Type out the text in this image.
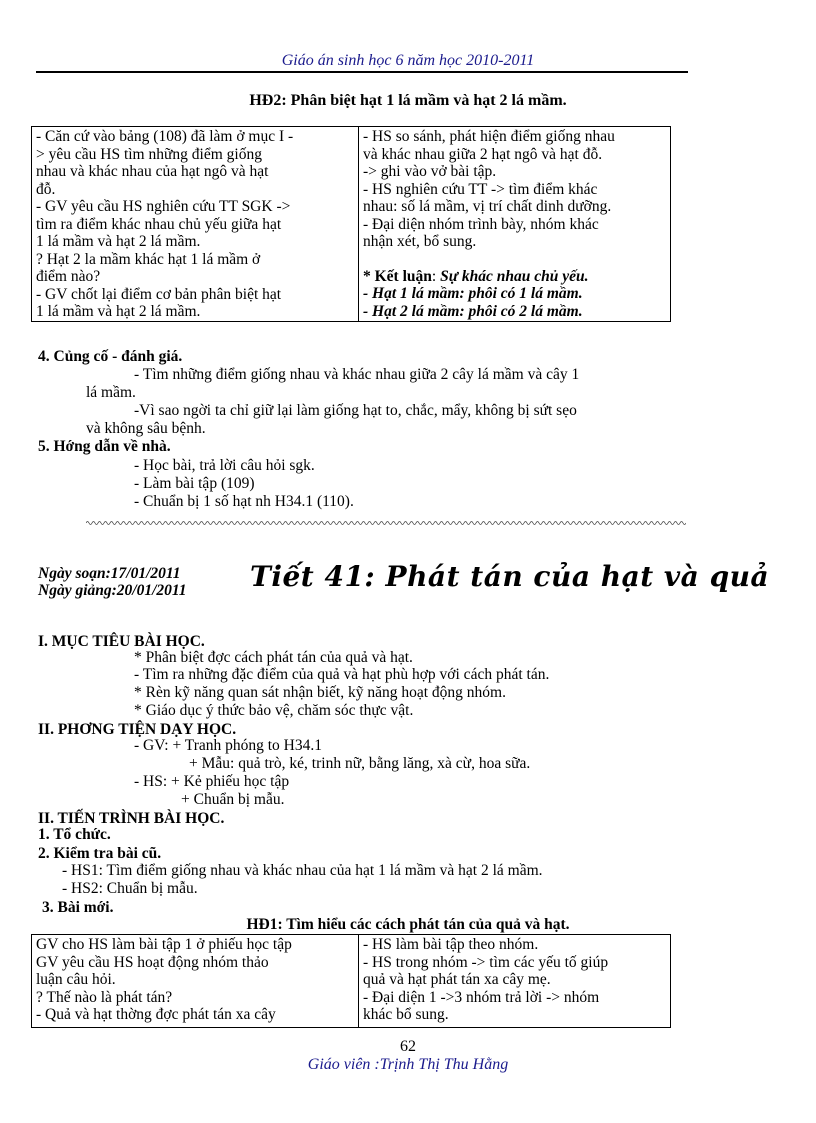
Giáo án sinh học 6 năm học 2010-2011
HĐ2: Phân biệt hạt 1 lá mầm và hạt 2 lá mầm.
- Căn cứ vào bảng (108) đã làm ở mục I -
> yêu cầu HS tìm những điểm giống
nhau và khác nhau của hạt ngô và hạt
đỗ.
- GV yêu cầu HS nghiên cứu TT SGK ->
tìm ra điểm khác nhau chủ yếu giữa hạt
1 lá mầm và hạt 2 lá mầm.
? Hạt 2 la mầm khác hạt 1 lá mầm ở
điểm nào?
- GV chốt lại điểm cơ bản phân biệt hạt
1 lá mầm và hạt 2 lá mầm.

- HS so sánh, phát hiện điểm giống nhau
và khác nhau giữa 2 hạt ngô và hạt đỗ.
-> ghi vào vở bài tập.
- HS nghiên cứu TT -> tìm điểm khác
nhau: số lá mầm, vị trí chất dinh dưỡng.
- Đại diện nhóm trình bày, nhóm khác
nhận xét, bổ sung.
* Kết luận: Sự khác nhau chủ yếu.
- Hạt 1 lá mầm: phôi có 1 lá mầm.
- Hạt 2 lá mầm: phôi có 2 lá mầm.
4. Củng cố - đánh giá.
- Tìm những điểm giống nhau và khác nhau giữa 2 cây lá mầm và cây 1
lá mầm.
-Vì sao ngời ta chỉ giữ lại làm giống hạt to, chắc, mẩy, không bị sứt sẹo
và không sâu bệnh.
5. Hớng dẫn về nhà.
- Học bài, trả lời câu hỏi sgk.
- Làm bài tập (109)
- Chuẩn bị 1 số hạt nh H34.1 (110).
Ngày soạn:17/01/2011
Ngày giảng:20/01/2011 Tiết 41: Phát tán của hạt và quả
I. MỤC TIÊU BÀI HỌC.
* Phân biệt đợc cách phát tán của quả và hạt.
- Tìm ra những đặc điểm của quả và hạt phù hợp với cách phát tán.
* Rèn kỹ năng quan sát nhận biết, kỹ năng hoạt động nhóm.
* Giáo dục ý thức bảo vệ, chăm sóc thực vật.
II. PHƠNG TIỆN DẠY HỌC.
- GV: + Tranh phóng to H34.1
+ Mẫu: quả trò, ké, trinh nữ, bằng lăng, xà cừ, hoa sữa.
- HS: + Kẻ phiếu học tập
+ Chuẩn bị mẫu.
II. TIẾN TRÌNH BÀI HỌC.
1. Tổ chức.
2. Kiểm tra bài cũ.
- HS1: Tìm điểm giống nhau và khác nhau của hạt 1 lá mầm và hạt 2 lá mầm.
- HS2: Chuẩn bị mẫu.
3. Bài mới.
HĐ1: Tìm hiểu các cách phát tán của quả và hạt.
GV cho HS làm bài tập 1 ở phiếu học tập
GV yêu cầu HS hoạt động nhóm thảo
luận câu hỏi.
? Thế nào là phát tán?
- Quả và hạt thờng đợc phát tán xa cây

- HS làm bài tập theo nhóm.
- HS trong nhóm -> tìm các yếu tố giúp
quả và hạt phát tán xa cây mẹ.
- Đại diện 1 ->3 nhóm trả lời -> nhóm
khác bổ sung.
62
Giáo viên :Trịnh Thị Thu Hằng
